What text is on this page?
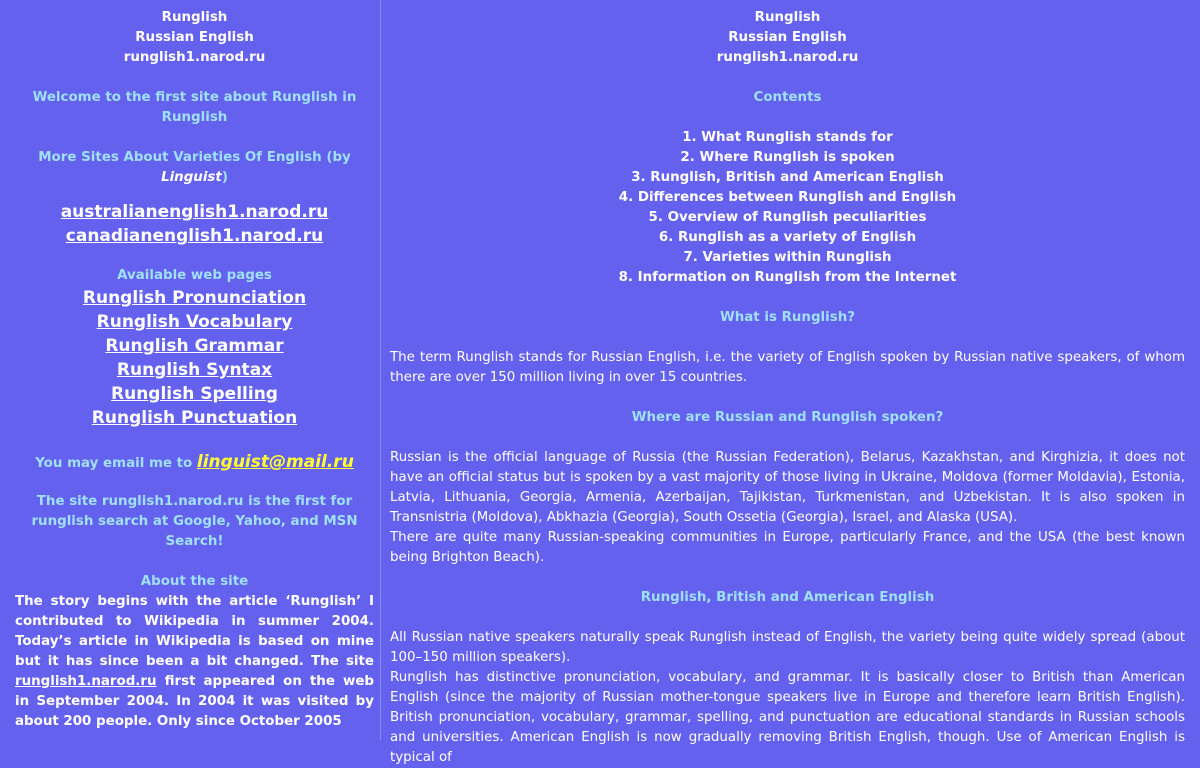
Runglish

Russian English

runglish1.narod.ru

Welcome to the first site about Runglish in Runglish

More Sites About Varieties Of English (by Linguist)

australianenglish1.narod.ru
canadianenglish1.narod.ru

Available web pages

Runglish Pronunciation
Runglish Vocabulary
Runglish Grammar
Runglish Syntax
Runglish Spelling
Runglish Punctuation

You may email me to linguist@mail.ru

The site runglish1.narod.ru is the first for runglish search at Google, Yahoo, and MSN Search!

About the site

The story begins with the article ‘Runglish’ I contributed to Wikipedia in summer 2004. Today’s article in Wikipedia is based on mine but it has since been a bit changed. The site runglish1.narod.ru first appeared on the web in September 2004. In 2004 it was visited by about 200 people. Only since October 2005

Runglish

Russian English

runglish1.narod.ru

Contents

1. What Runglish stands for

2. Where Runglish is spoken

3. Runglish, British and American English

4. Differences between Runglish and English

5. Overview of Runglish peculiarities

6. Runglish as a variety of English

7. Varieties within Runglish

8. Information on Runglish from the Internet

What is Runglish?

The term Runglish stands for Russian English, i.e. the variety of English spoken by Russian native speakers, of whom there are over 150 million living in over 15 countries.

Where are Russian and Runglish spoken?

Russian is the official language of Russia (the Russian Federation), Belarus, Kazakhstan, and Kirghizia, it does not have an official status but is spoken by a vast majority of those living in Ukraine, Moldova (former Moldavia), Estonia, Latvia, Lithuania, Georgia, Armenia, Azerbaijan, Tajikistan, Turkmenistan, and Uzbekistan. It is also spoken in Transnistria (Moldova), Abkhazia (Georgia), South Ossetia (Georgia), Israel, and Alaska (USA).

There are quite many Russian-speaking communities in Europe, particularly France, and the USA (the best known being Brighton Beach).

Runglish, British and American English

All Russian native speakers naturally speak Runglish instead of English, the variety being quite widely spread (about 100–150 million speakers).

Runglish has distinctive pronunciation, vocabulary, and grammar. It is basically closer to British than American English (since the majority of Russian mother-tongue speakers live in Europe and therefore learn British English). British pronunciation, vocabulary, grammar, spelling, and punctuation are educational standards in Russian schools and universities. American English is now gradually removing British English, though. Use of American English is typical of
